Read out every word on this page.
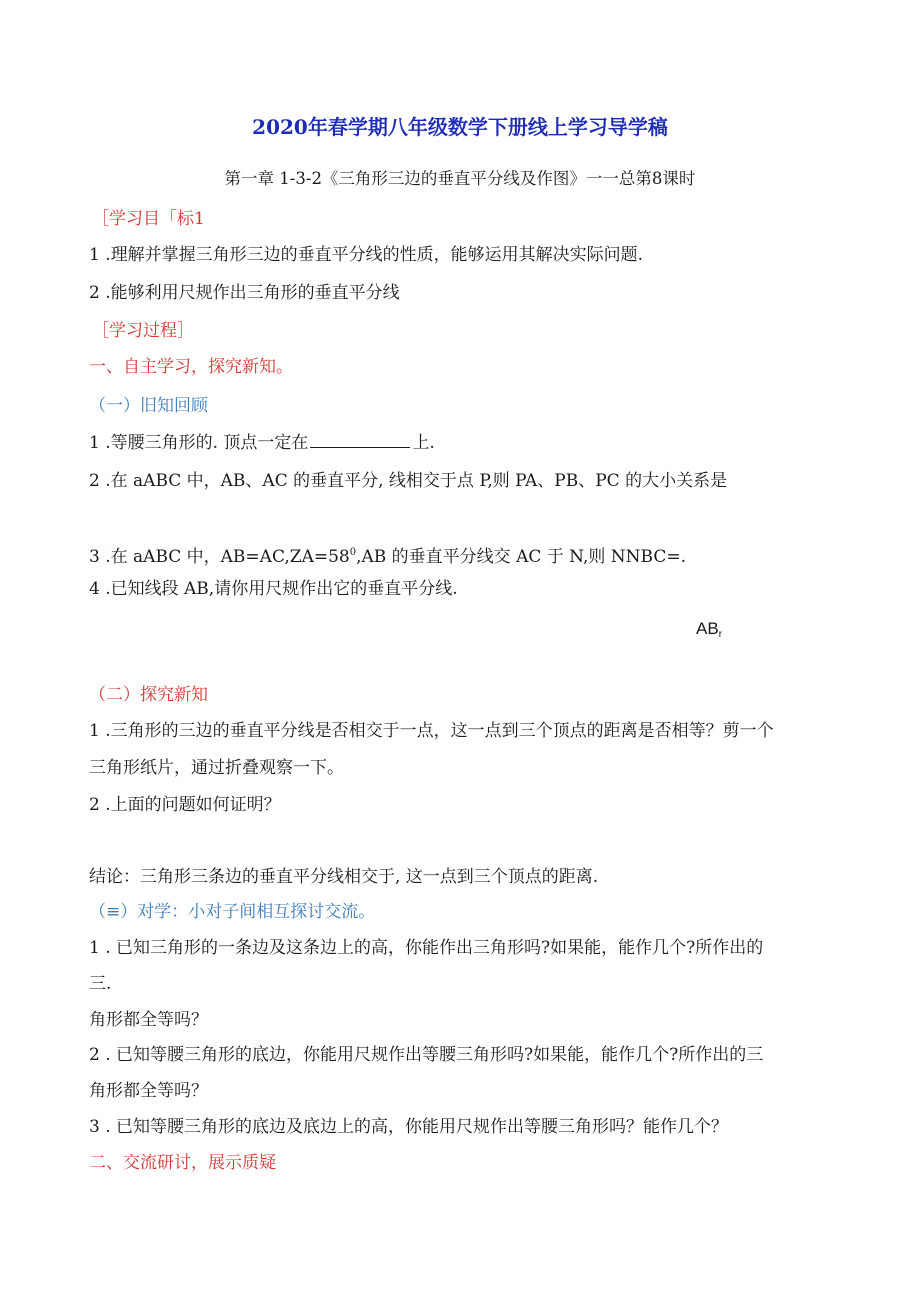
2020年春学期八年级数学下册线上学习导学稿
第一章 1-3-2《三角形三边的垂直平分线及作图》一一总第8课时
［学习目「标1
1 .理解并掌握三角形三边的垂直平分线的性质，能够运用其解决实际问题.
2 .能够利用尺规作出三角形的垂直平分线
［学习过程］
一、自主学习，探究新知。
（一）旧知回顾
1 .等腰三角形的. 顶点一定在	上.
2 .在 aABC 中，AB、AC 的垂直平分, 线相交于点 P,则 PA、PB、PC 的大小关系是
3 .在 aABC 中，$AB=AC,ZA=58^0,AB$ 的垂直平分线交 AC 于 N,则 NNBC=.
4 .已知线段 AB,请你用尺规作出它的垂直平分线.
$AB_r$
（二）探究新知
1 .三角形的三边的垂直平分线是否相交于一点，这一点到三个顶点的距离是否相等？剪一个
三角形纸片，通过折叠观察一下。
2 .上面的问题如何证明？
结论：三角形三条边的垂直平分线相交于, 这一点到三个顶点的距离.
（≡）对学：小对子间相互探讨交流。
1 . 已知三角形的一条边及这条边上的高，你能作出三角形吗?如果能，能作几个?所作出的
三.
角形都全等吗？
2 . 已知等腰三角形的底边，你能用尺规作出等腰三角形吗?如果能，能作几个?所作出的三
角形都全等吗？
3 . 已知等腰三角形的底边及底边上的高，你能用尺规作出等腰三角形吗？能作几个？
二、交流研讨，展示质疑
